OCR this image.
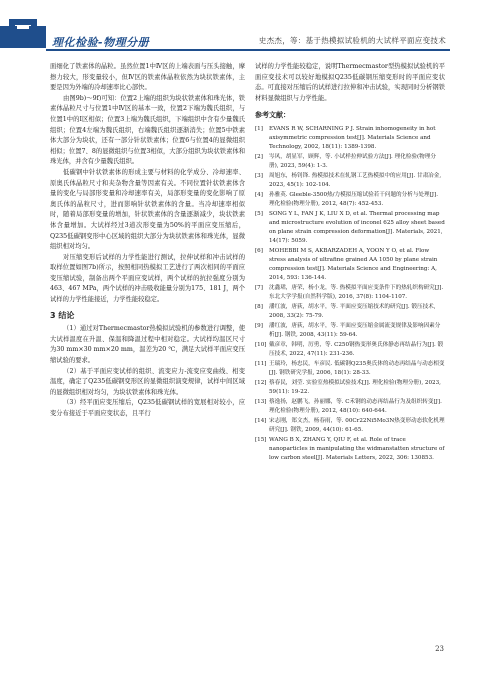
理化检验-物理分册	史杰杰，等：基于热模拟试验机的大试样平面应变技术

面细化了铁素体的晶粒。虽然位置1中Ⅳ区的上端表面与压头接触，摩擦力较大，形变量较小，但Ⅳ区的铁素体晶粒依然为块状铁素体，主要是因为外端的冷却速率比心部快。

由图9b)～9f)可知：位置2上端的组织为块状铁素体和珠光体，铁素体晶粒尺寸与位置1中Ⅳ区的基本一致，位置2下端为魏氏组织，与位置1中的Ⅰ区相似；位置3上端为魏氏组织，下端组织中含有少量魏氏组织；位置4左端为魏氏组织，右端魏氏组织逐渐消失；位置5中铁素体大部分为块状，还有一部分针状铁素体；位置6与位置4的显微组织相似；位置7、8的显微组织与位置3相似，大部分组织为块状铁素体和珠光体，并含有少量魏氏组织。

低碳钢中针状铁素体的形成主要与材料的化学成分、冷却速率、原奥氏体晶粒尺寸和夹杂物含量等因素有关。不同位置针状铁素体含量的变化与局部形变量和冷却速率有关，局部形变量的变化影响了原奥氏体的晶粒尺寸，进而影响针状铁素体的含量。当冷却速率相似时，随着局部形变量的增加，针状铁素体的含量逐渐减少，块状铁素体含量增加。大试样经过3道次形变量为50%的平面应变压缩后，Q235低碳钢变形中心区域的组织大部分为块状铁素体和珠光体，显微组织相对均匀。

对压缩变形后试样的力学性能进行测试，拉伸试样和冲击试样的取样位置如图7b)所示，按照相同热模拟工艺进行了两次相同的平面应变压缩试验，制备出两个平面应变试样，两个试样的抗拉强度分别为463、467 MPa，两个试样的冲击吸收能量分别为175、181 J，两个试样的力学性能接近，力学性能较稳定。

3 结论

（1）通过对Thermecmastor热模拟试验机的参数进行调整，使大试样温度在升温、保温和降温过程中相对稳定。大试样均温区尺寸为30 mm×30 mm×20 mm，温差为20 ℃，满足大试样平面应变压缩试验的要求。

（2）基于平面应变试样的组织、流变应力-流变应变曲线、相变温度，确定了Q235低碳钢变形区的显微组织演变规律，试样中间区域的显微组织相对均匀，为块状铁素体和珠光体。

（3）经平面应变压缩后，Q235低碳钢试样的宽展相对较小，应变分布接近于平面应变状态，且平行

试样的力学性能较稳定，说明Thermecmastor型热模拟试验机的平面应变技术可以较好地模拟Q235低碳钢压缩变形时的平面应变状态。可直接对压缩后的试样进行拉伸和冲击试验，实现同时分析钢铁材料显微组织与力学性能。

参考文献：
[1]	EVANS R W, SCHARNING P J. Strain inhomogeneity in hot axisymmetric compression test[J]. Materials Science and Technology, 2002, 18(11): 1389-1398.
[2]	岑风，胡显军，顾辉，等. 小试样拉伸试验方法[J]. 理化检验(物理分册), 2023, 59(4): 1-3.
[3]	周旭东，杨钊锋. 热模拟技术在轧钢工艺热模拟中的应用[J]. 甘肃冶金, 2023, 45(1): 102-104.
[4]	孙雅英. Gleeble-3500热/力模拟压缩试验若干问题的分析与处理[J]. 理化检验(物理分册), 2012, 48(7): 452-453.
[5]	SONG Y L, FAN J K, LIU X D, et al. Thermal processing map and microstructure evolution of inconel 625 alloy sheet based on plane strain compression deformation[J]. Materials, 2021, 14(17): 5059.
[6]	MOHEBBI M S, AKBARZADEH A, YOON Y O, et al. Flow stress analysis of ultrafine grained AA 1050 by plane strain compression test[J]. Materials Science and Engineering: A, 2014, 593: 136-144.
[7]	沈鑫珺，唐荣，杨小龙，等. 热模拟平面应变条件下的热轧织构研究[J]. 东北大学学报(自然科学版), 2016, 37(8): 1104-1107.
[8]	潘红波，唐荻，胡水平，等. 平面应变压缩技术的研究[J]. 锻压技术, 2008, 33(2): 75-79.
[9]	潘红波，唐荻，胡水平，等. 平面应变压缩金属流变规律及影响因素分析[J]. 钢铁, 2008, 43(11): 59-64.
[10] 戴彦章，韩明，厉勇，等. C250钢热变形奥氏体静态再结晶行为[J]. 锻压技术, 2022, 47(11): 231-236.
[11] 王瑞玲，杨忠民，车彦民. 低碳钢Q235奥氏体的动态再结晶与动态相变[J]. 钢铁研究学报, 2006, 18(1): 28-33.
[12] 蔡春民，刘莹. 实验室热模拟试验技术[J]. 理化检验(物理分册), 2023, 59(11): 19-22.
[13] 蔡逸扬，赵鹏飞，孙丽娜，等. C禾钢的动态再结晶行为及组织转变[J]. 理化检验(物理分册), 2012, 48(10): 640-644.
[14] 宋志刚，郑文杰，杨春雨，等. 00Cr22Ni5Mo3N热变形动态软化机理研究[J]. 钢铁, 2009, 44(10): 61-65.
[15] WANG B X, ZHANG Y, QIU F, et al. Role of trace nanoparticles in manipulating the widmanstatten structure of low carbon steel[J]. Materials Letters, 2022, 306: 130853.
23
